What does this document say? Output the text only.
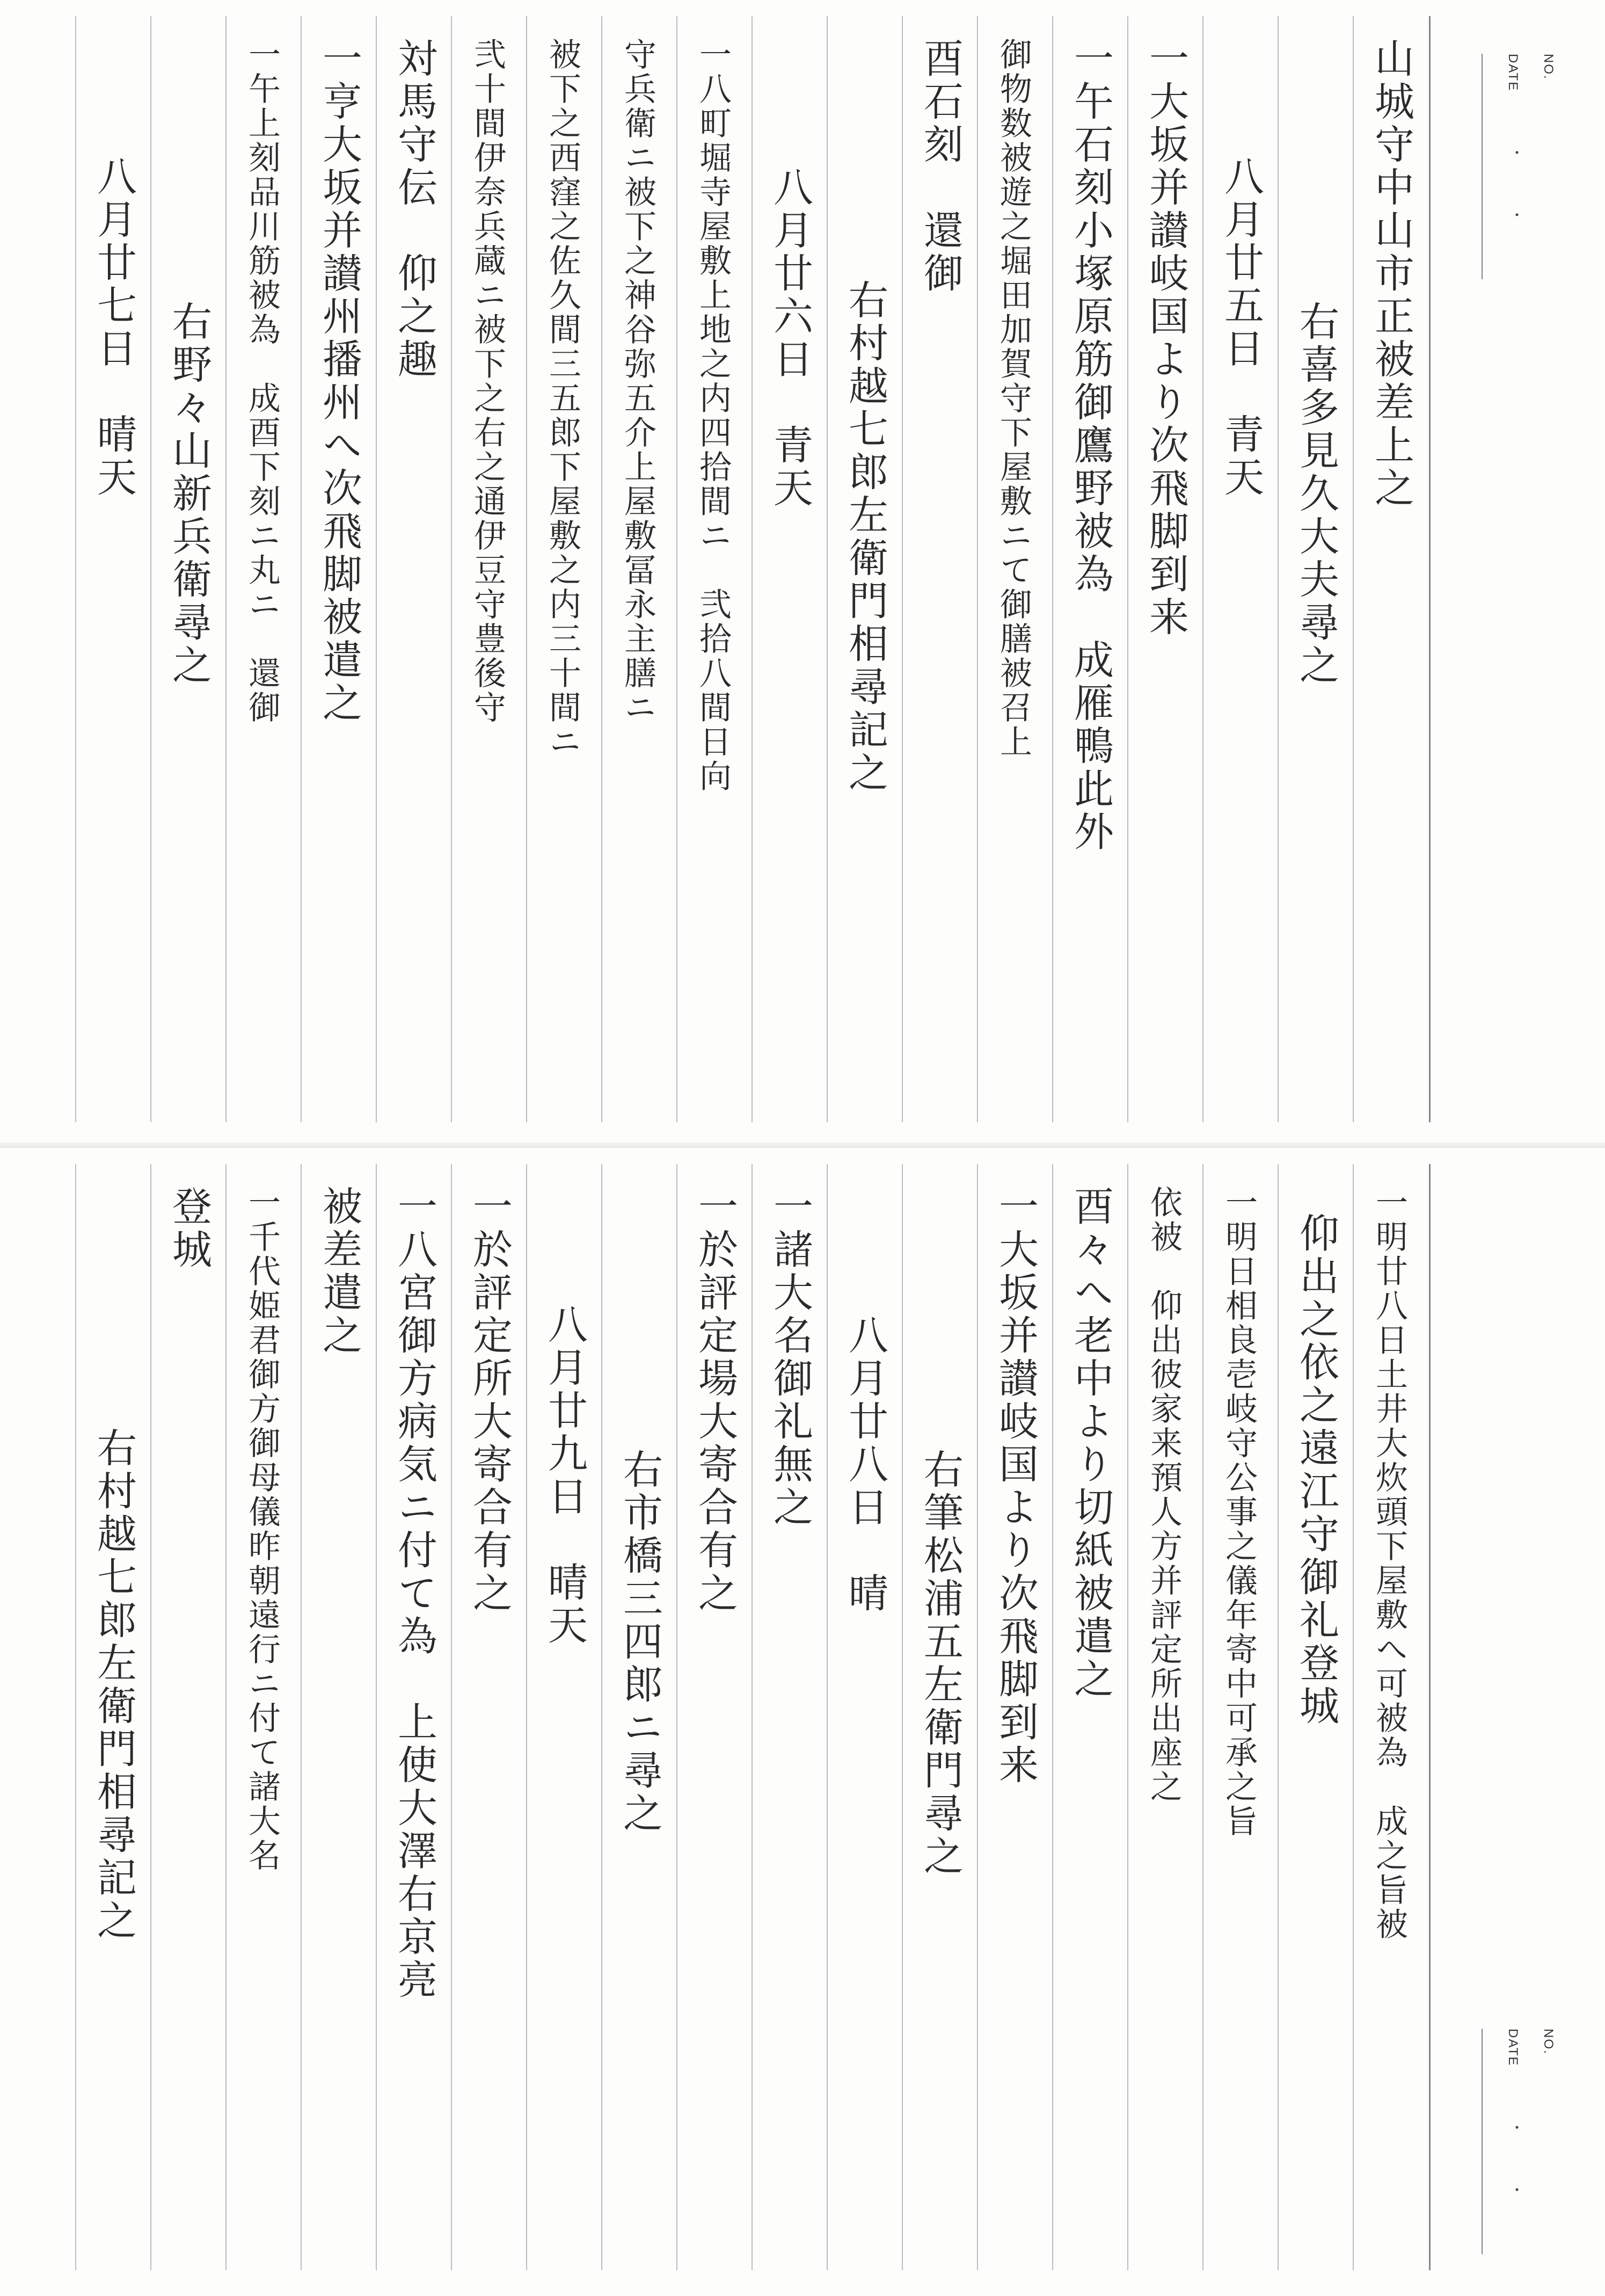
NO.
DATE
・ ・
山城守中山市正被差上之
右喜多見久大夫尋之
八月廿五日　青天
一大坂并讃岐国より次飛脚到来
一午石刻小塚原筋御鷹野被為　成雁鴨此外
御物数被遊之堀田加賀守下屋敷ニて御膳被召上
酉石刻　還御
右村越七郎左衛門相尋記之
八月廿六日　青天
一八町堀寺屋敷上地之内四拾間ニ　弐拾八間日向
守兵衛ニ被下之神谷弥五介上屋敷冨永主膳ニ
被下之西窪之佐久間三五郎下屋敷之内三十間ニ
弐十間伊奈兵蔵ニ被下之右之通伊豆守豊後守
対馬守伝　仰之趣
一亨大坂并讃州播州へ次飛脚被遣之
一午上刻品川筋被為　成酉下刻ニ丸ニ　還御
右野々山新兵衛尋之
八月廿七日　晴天
NO.
DATE
・ ・
一明廿八日土井大炊頭下屋敷へ可被為　成之旨被
仰出之依之遠江守御礼登城
一明日相良壱岐守公事之儀年寄中可承之旨
依被　仰出彼家来預人方并評定所出座之
酉々へ老中より切紙被遣之
一大坂并讃岐国より次飛脚到来
右筆松浦五左衛門尋之
八月廿八日　晴
一諸大名御礼無之
一於評定場大寄合有之
右市橋三四郎ニ尋之
八月廿九日　晴天
一於評定所大寄合有之
一八宮御方病気ニ付て為　上使大澤右京亮
被差遣之
一千代姫君御方御母儀昨朝遠行ニ付て諸大名
登城
右村越七郎左衛門相尋記之
